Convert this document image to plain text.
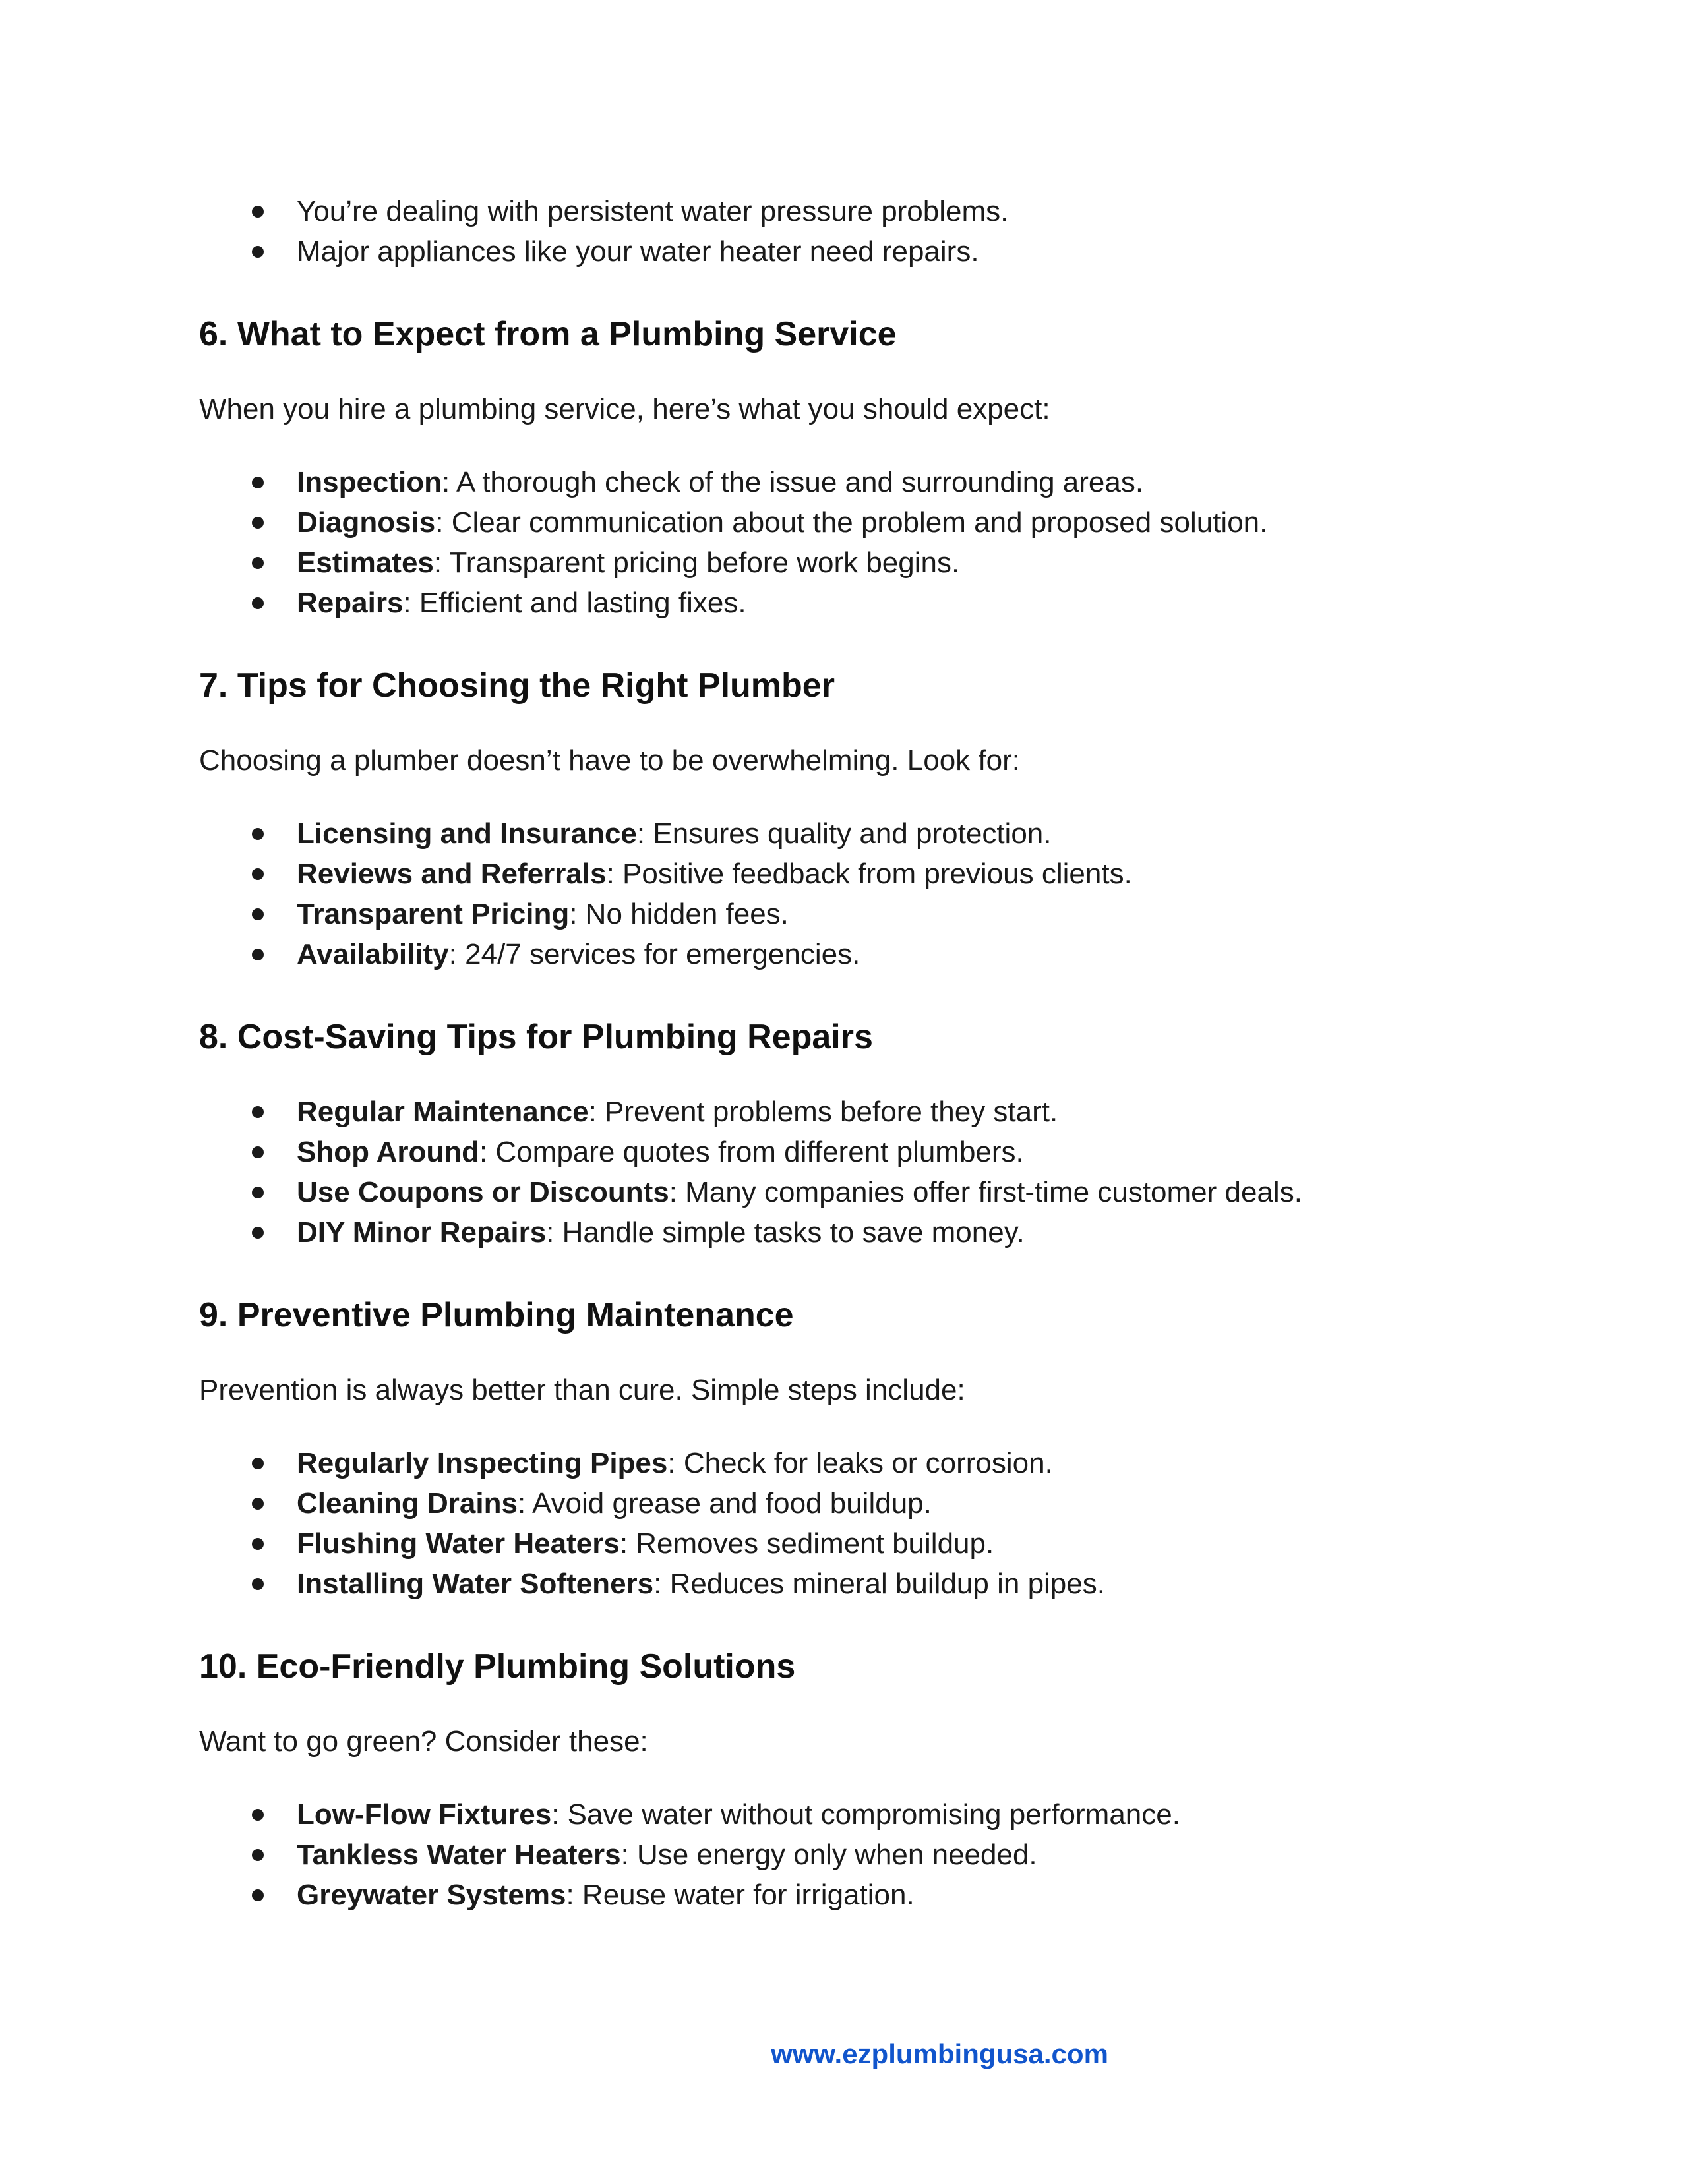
You’re dealing with persistent water pressure problems.
Major appliances like your water heater need repairs.
6. What to Expect from a Plumbing Service

When you hire a plumbing service, here’s what you should expect:

Inspection: A thorough check of the issue and surrounding areas.
Diagnosis: Clear communication about the problem and proposed solution.
Estimates: Transparent pricing before work begins.
Repairs: Efficient and lasting fixes.
7. Tips for Choosing the Right Plumber

Choosing a plumber doesn’t have to be overwhelming. Look for:

Licensing and Insurance: Ensures quality and protection.
Reviews and Referrals: Positive feedback from previous clients.
Transparent Pricing: No hidden fees.
Availability: 24/7 services for emergencies.
8. Cost-Saving Tips for Plumbing Repairs
Regular Maintenance: Prevent problems before they start.
Shop Around: Compare quotes from different plumbers.
Use Coupons or Discounts: Many companies offer first-time customer deals.
DIY Minor Repairs: Handle simple tasks to save money.
9. Preventive Plumbing Maintenance

Prevention is always better than cure. Simple steps include:

Regularly Inspecting Pipes: Check for leaks or corrosion.
Cleaning Drains: Avoid grease and food buildup.
Flushing Water Heaters: Removes sediment buildup.
Installing Water Softeners: Reduces mineral buildup in pipes.
10. Eco-Friendly Plumbing Solutions

Want to go green? Consider these:

Low-Flow Fixtures: Save water without compromising performance.
Tankless Water Heaters: Use energy only when needed.
Greywater Systems: Reuse water for irrigation.
www.ezplumbingusa.com
